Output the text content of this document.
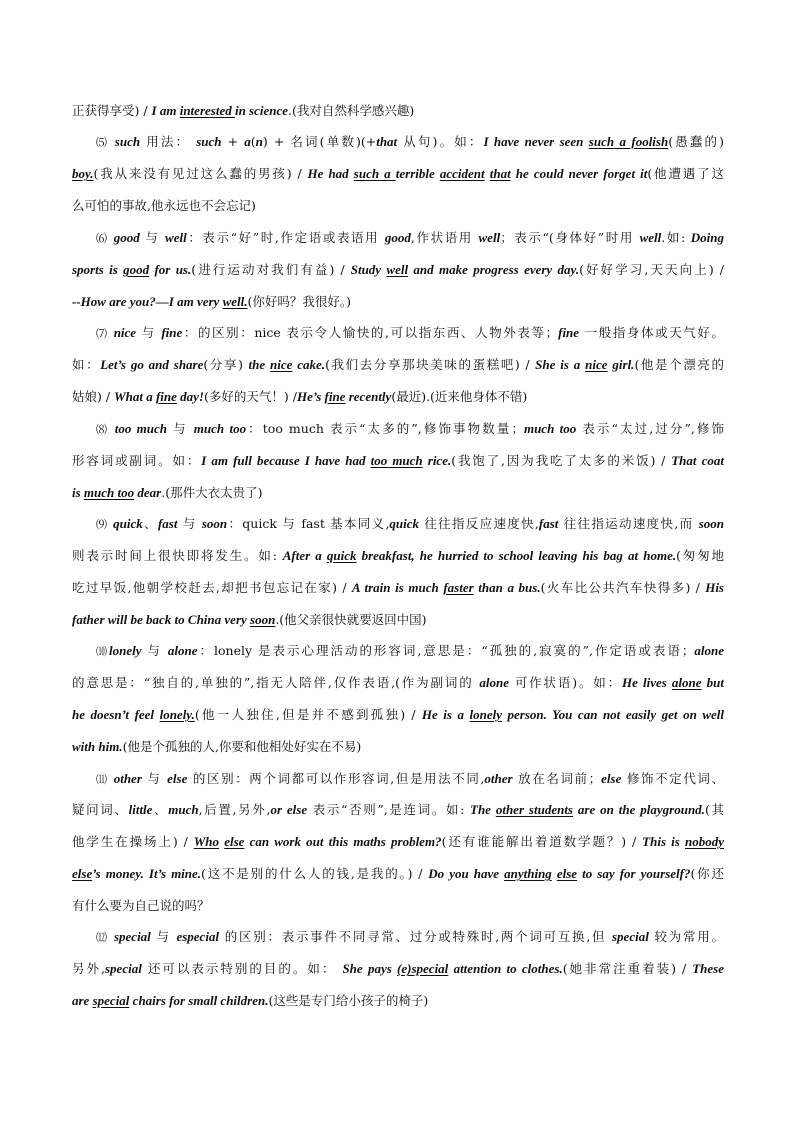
正获得享受) / I am interested in science.(我对自然科学感兴趣)
⑸ such 用法： such + a(n) + 名词(单数)(+that 从句)。如：I have never seen such a foolish(愚蠢的)
boy.(我从来没有见过这么蠢的男孩) / He had such a terrible accident that he could never forget it(他遭遇了这
么可怕的事故,他永远也不会忘记)
⑹ good 与 well：表示“好”时,作定语或表语用 good,作状语用 well；表示“(身体好”时用 well.如: Doing
sports is good for us.(进行运动对我们有益) / Study well and make progress every day.(好好学习,天天向上) /
--How are you?—I am very well.(你好吗？我很好。)
⑺ nice 与 fine：的区别：nice 表示令人愉快的,可以指东西、人物外表等；fine 一般指身体或天气好。
如：Let’s go and share(分享) the nice cake.(我们去分享那块美味的蛋糕吧) / She is a nice girl.(他是个漂亮的
姑娘) / What a fine day!(多好的天气！) /He’s fine recently(最近).(近来他身体不错)
⑻ too much 与 much too：too much 表示“太多的”,修饰事物数量；much too 表示“太过,过分”,修饰
形容词或副词。如：I am full because I have had too much rice.(我饱了,因为我吃了太多的米饭) / That coat
is much too dear.(那件大衣太贵了)
⑼ quick、fast 与 soon：quick 与 fast 基本同义,quick 往往指反应速度快,fast 往往指运动速度快,而 soon
则表示时间上很快即将发生。如: After a quick breakfast, he hurried to school leaving his bag at home.(匆匆地
吃过早饭,他朝学校赶去,却把书包忘记在家) / A train is much faster than a bus.(火车比公共汽车快得多) / His
father will be back to China very soon.(他父亲很快就要返回中国)
⑽lonely 与 alone：lonely 是表示心理活动的形容词,意思是：“孤独的,寂寞的”,作定语或表语；alone
的意思是：“独自的,单独的”,指无人陪伴,仅作表语,(作为副词的 alone 可作状语)。如：He lives alone but
he doesn’t feel lonely.(他一人独住,但是并不感到孤独) / He is a lonely person. You can not easily get on well
with him.(他是个孤独的人,你要和他相处好实在不易)
⑾ other 与 else 的区别：两个词都可以作形容词,但是用法不同,other 放在名词前；else 修饰不定代词、
疑问词、little、much,后置,另外,or else 表示“否则”,是连词。如: The other students are on the playground.(其
他学生在操场上) / Who else can work out this maths problem?(还有谁能解出着道数学题？) / This is nobody
else’s money. It’s mine.(这不是别的什么人的钱,是我的。) / Do you have anything else to say for yourself?(你还
有什么要为自己说的吗？
⑿ special 与 especial 的区别：表示事件不同寻常、过分或特殊时,两个词可互换,但 special 较为常用。
另外,special 还可以表示特别的目的。如： She pays (e)special attention to clothes.(她非常注重着装) / These
are special chairs for small children.(这些是专门给小孩子的椅子)
